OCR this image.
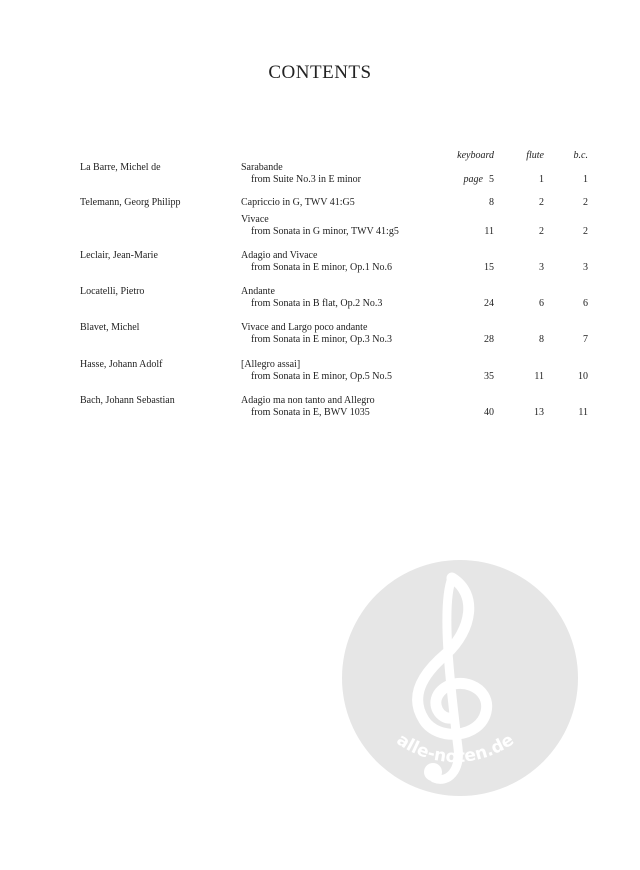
CONTENTS
keyboard	flute	b.c.
La Barre, Michel de	Sarabande
from Suite No.3 in E minor	page 5	1	1
Telemann, Georg Philipp	Capriccio in G, TWV 41:G5	8	2	2
Vivace
from Sonata in G minor, TWV 41:g5	11	2	2
Leclair, Jean-Marie	Adagio and Vivace
from Sonata in E minor, Op.1 No.6	15	3	3
Locatelli, Pietro	Andante
from Sonata in B flat, Op.2 No.3	24	6	6
Blavet, Michel	Vivace and Largo poco andante
from Sonata in E minor, Op.3 No.3	28	8	7
Hasse, Johann Adolf	[Allegro assai]
from Sonata in E minor, Op.5 No.5	35	11	10
Bach, Johann Sebastian	Adagio ma non tanto and Allegro
from Sonata in E, BWV 1035	40	13	11
alle-noten.de
